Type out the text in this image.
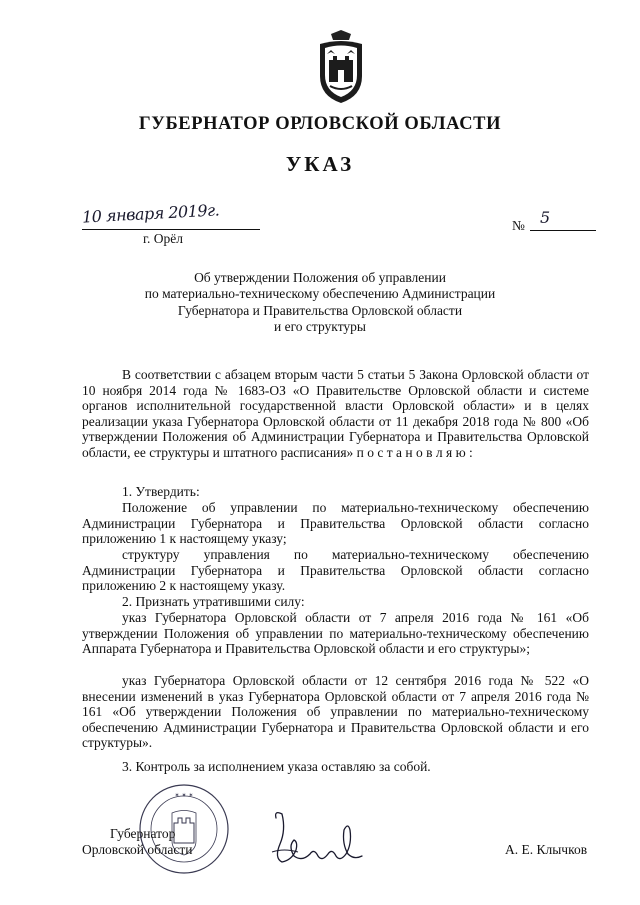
ГУБЕРНАТОР ОРЛОВСКОЙ ОБЛАСТИ
УКАЗ
10 января 2019г.	№ 5
г. Орёл
Об утверждении Положения об управлении
по материально-техническому обеспечению Администрации
Губернатора и Правительства Орловской области
и его структуры
В соответствии с абзацем вторым части 5 статьи 5 Закона Орловской области от 10 ноября 2014 года № 1683-ОЗ «О Правительстве Орловской области и системе органов исполнительной государственной власти Орловской области» и в целях реализации указа Губернатора Орловской области от 11 декабря 2018 года № 800 «Об утверждении Положения об Администрации Губернатора и Правительства Орловской области, ее структуры и штатного расписания» п о с т а н о в л я ю :
1. Утвердить:
Положение об управлении по материально-техническому обеспечению Администрации Губернатора и Правительства Орловской области согласно приложению 1 к настоящему указу;
структуру управления по материально-техническому обеспечению Администрации Губернатора и Правительства Орловской области согласно приложению 2 к настоящему указу.
2. Признать утратившими силу:
указ Губернатора Орловской области от 7 апреля 2016 года № 161 «Об утверждении Положения об управлении по материально-техническому обеспечению Аппарата Губернатора и Правительства Орловской области и его структуры»;
указ Губернатора Орловской области от 12 сентября 2016 года № 522 «О внесении изменений в указ Губернатора Орловской области от 7 апреля 2016 года № 161 «Об утверждении Положения об управлении по материально-техническому обеспечению Администрации Губернатора и Правительства Орловской области и его структуры».
3. Контроль за исполнением указа оставляю за собой.
✶ ✶ ✶
Губернатор
Орловской области	А. Е. Клычков
